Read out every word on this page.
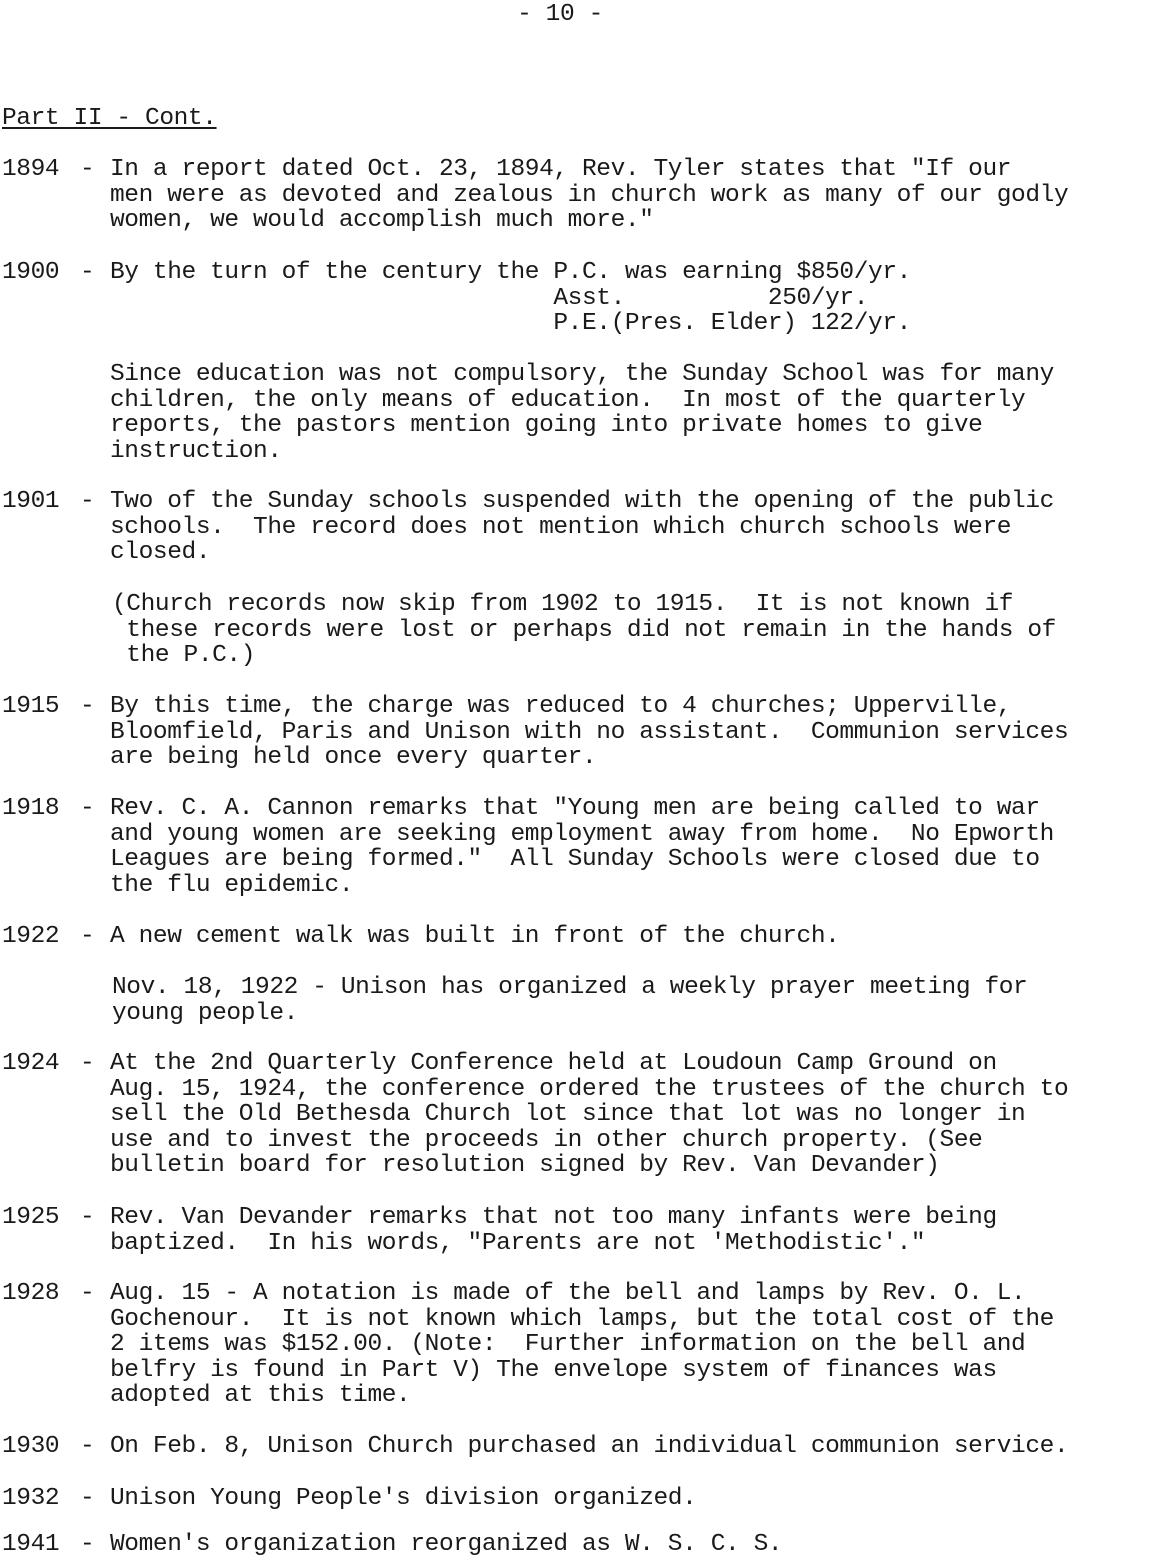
- 10 -
Part II - Cont.
1894 - In a report dated Oct. 23, 1894, Rev. Tyler states that "If our
men were as devoted and zealous in church work as many of our godly
women, we would accomplish much more."
1900 - By the turn of the century the P.C. was earning $850/yr.
Asst.          250/yr.
P.E.(Pres. Elder) 122/yr.
Since education was not compulsory, the Sunday School was for many
children, the only means of education.  In most of the quarterly
reports, the pastors mention going into private homes to give
instruction.
1901 - Two of the Sunday schools suspended with the opening of the public
schools.  The record does not mention which church schools were
closed.
(Church records now skip from 1902 to 1915.  It is not known if
these records were lost or perhaps did not remain in the hands of
the P.C.)
1915 - By this time, the charge was reduced to 4 churches; Upperville,
Bloomfield, Paris and Unison with no assistant.  Communion services
are being held once every quarter.
1918 - Rev. C. A. Cannon remarks that "Young men are being called to war
and young women are seeking employment away from home.  No Epworth
Leagues are being formed."  All Sunday Schools were closed due to
the flu epidemic.
1922 - A new cement walk was built in front of the church.
Nov. 18, 1922 - Unison has organized a weekly prayer meeting for
young people.
1924 - At the 2nd Quarterly Conference held at Loudoun Camp Ground on
Aug. 15, 1924, the conference ordered the trustees of the church to
sell the Old Bethesda Church lot since that lot was no longer in
use and to invest the proceeds in other church property. (See
bulletin board for resolution signed by Rev. Van Devander)
1925 - Rev. Van Devander remarks that not too many infants were being
baptized.  In his words, "Parents are not 'Methodistic'."
1928 - Aug. 15 - A notation is made of the bell and lamps by Rev. O. L.
Gochenour.  It is not known which lamps, but the total cost of the
2 items was $152.00. (Note:  Further information on the bell and
belfry is found in Part V) The envelope system of finances was
adopted at this time.
1930 - On Feb. 8, Unison Church purchased an individual communion service.
1932 - Unison Young People's division organized.
1941 - Women's organization reorganized as W. S. C. S.
